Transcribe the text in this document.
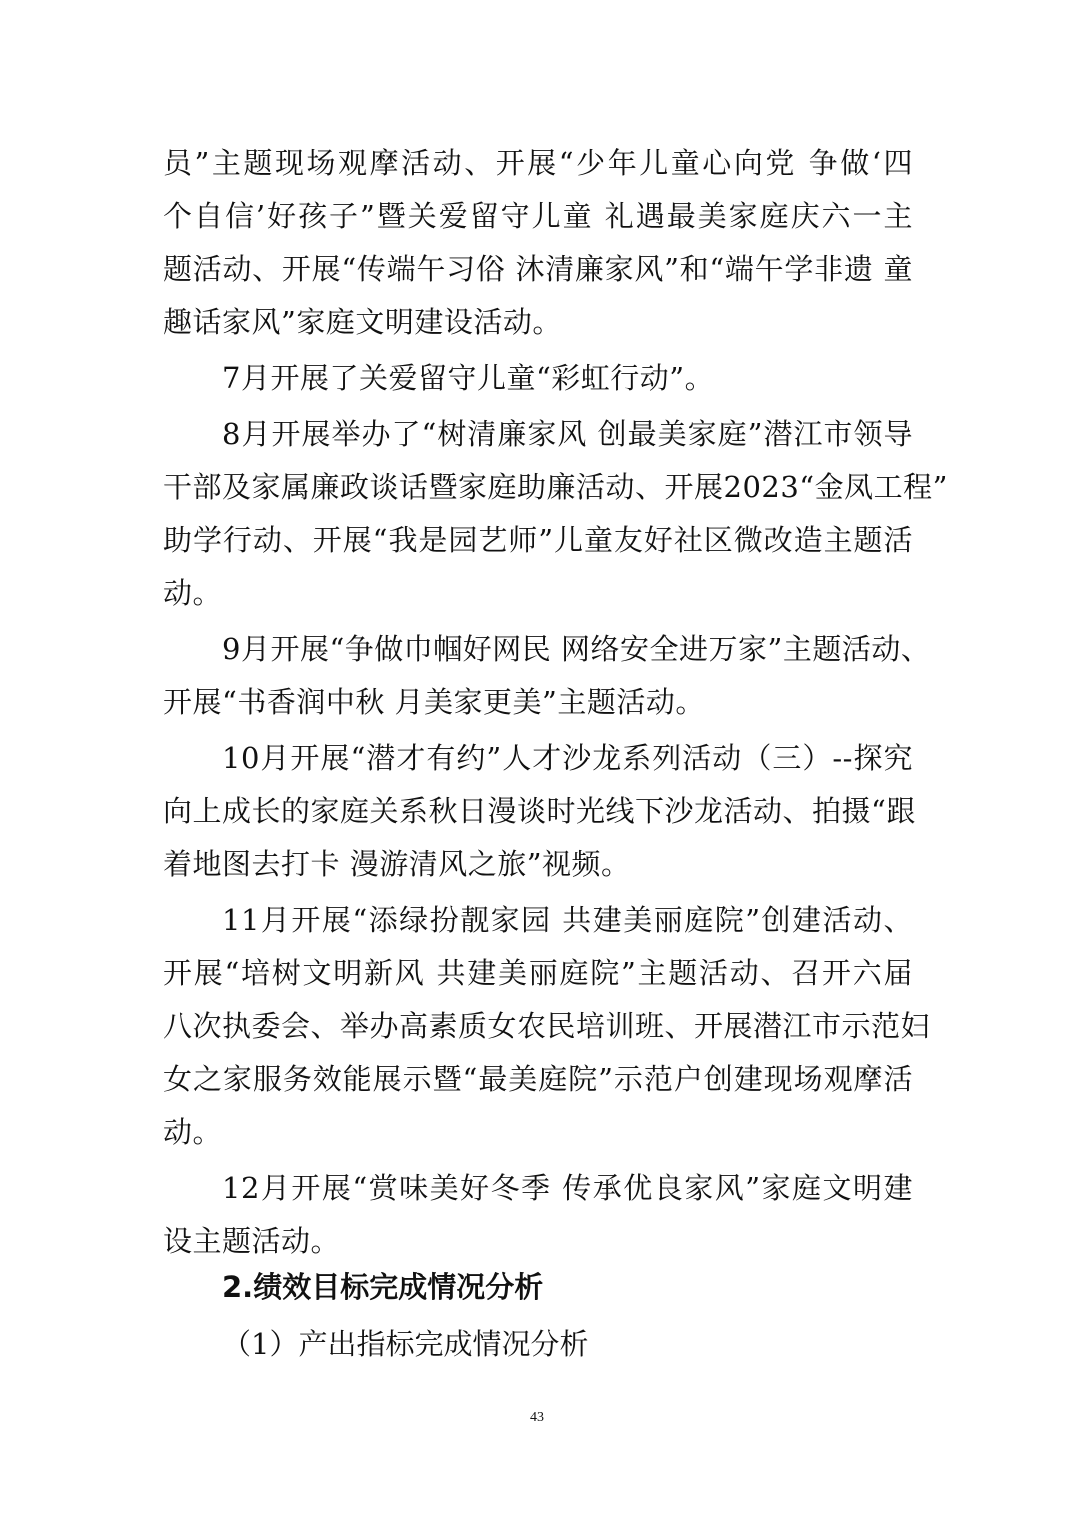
员”主题现场观摩活动、开展“少年儿童心向党 争做‘四
个自信’好孩子”暨关爱留守儿童 礼遇最美家庭庆六一主
题活动、开展“传端午习俗 沐清廉家风”和“端午学非遗 童
趣话家风”家庭文明建设活动。
7月开展了关爱留守儿童“彩虹行动”。
8月开展举办了“树清廉家风 创最美家庭”潜江市领导
干部及家属廉政谈话暨家庭助廉活动、开展2023“金凤工程”
助学行动、开展“我是园艺师”儿童友好社区微改造主题活
动。
9月开展“争做巾帼好网民 网络安全进万家”主题活动、
开展“书香润中秋 月美家更美”主题活动。
10月开展“潜才有约”人才沙龙系列活动（三）--探究
向上成长的家庭关系秋日漫谈时光线下沙龙活动、拍摄“跟
着地图去打卡 漫游清风之旅”视频。
11月开展“添绿扮靓家园 共建美丽庭院”创建活动、
开展“培树文明新风 共建美丽庭院”主题活动、召开六届
八次执委会、举办高素质女农民培训班、开展潜江市示范妇
女之家服务效能展示暨“最美庭院”示范户创建现场观摩活
动。
12月开展“赏味美好冬季 传承优良家风”家庭文明建
设主题活动。
2.绩效目标完成情况分析
（1）产出指标完成情况分析
43
